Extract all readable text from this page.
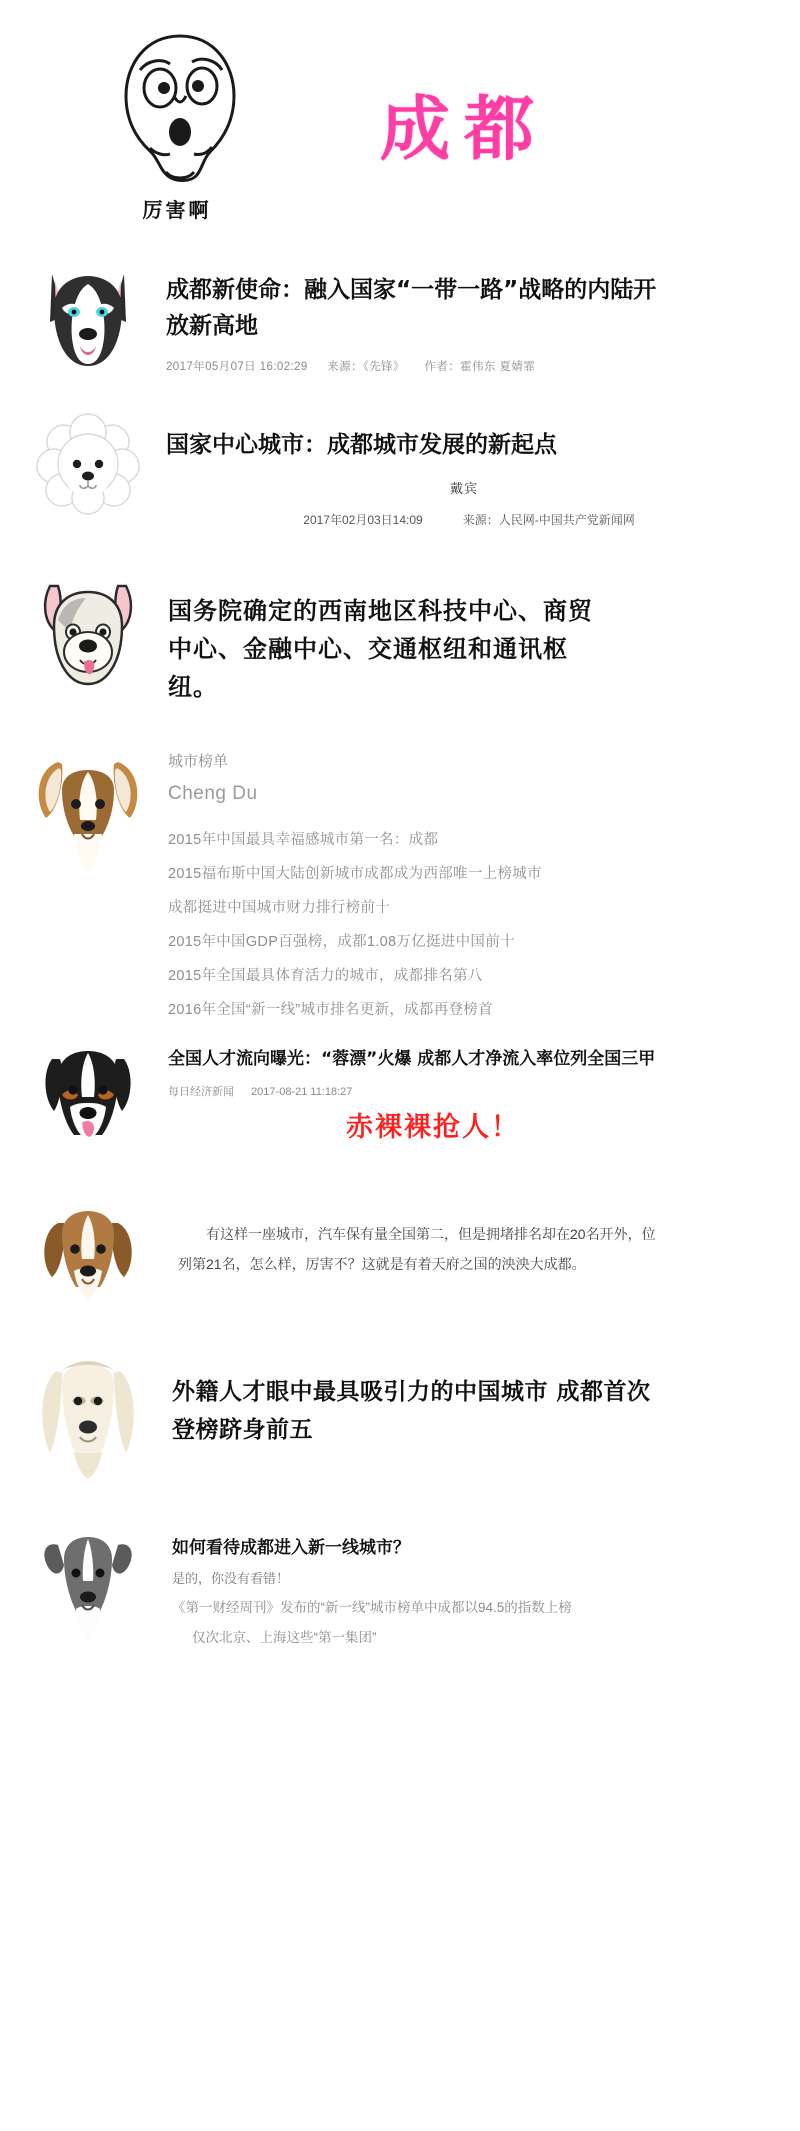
厉害啊
成都
成都新使命：融入国家“一带一路”战略的内陆开放新高地
2017年05月07日 16:02:29 来源：《先锋》 作者：霍伟东 夏婧霏
国家中心城市：成都城市发展的新起点
戴宾
2017年02月03日14:09	来源：人民网-中国共产党新闻网
国务院确定的西南地区科技中心、商贸中心、金融中心、交通枢纽和通讯枢纽。
城市榜单
Cheng Du
2015年中国最具幸福感城市第一名：成都
2015福布斯中国大陆创新城市成都成为西部唯一上榜城市
成都挺进中国城市财力排行榜前十
2015年中国GDP百强榜，成都1.08万亿挺进中国前十
2015年全国最具体育活力的城市，成都排名第八
2016年全国“新一线”城市排名更新，成都再登榜首
全国人才流向曝光：“蓉漂”火爆 成都人才净流入率位列全国三甲
每日经济新闻 2017-08-21 11:18:27
赤裸裸抢人！
有这样一座城市，汽车保有量全国第二，但是拥堵排名却在20名开外，位列第21名，怎么样，厉害不？这就是有着天府之国的泱泱大成都。
外籍人才眼中最具吸引力的中国城市 成都首次登榜跻身前五
如何看待成都进入新一线城市？
是的，你没有看错！
《第一财经周刊》发布的“新一线”城市榜单中成都以94.5的指数上榜
仅次北京、上海这些“第一集团”
